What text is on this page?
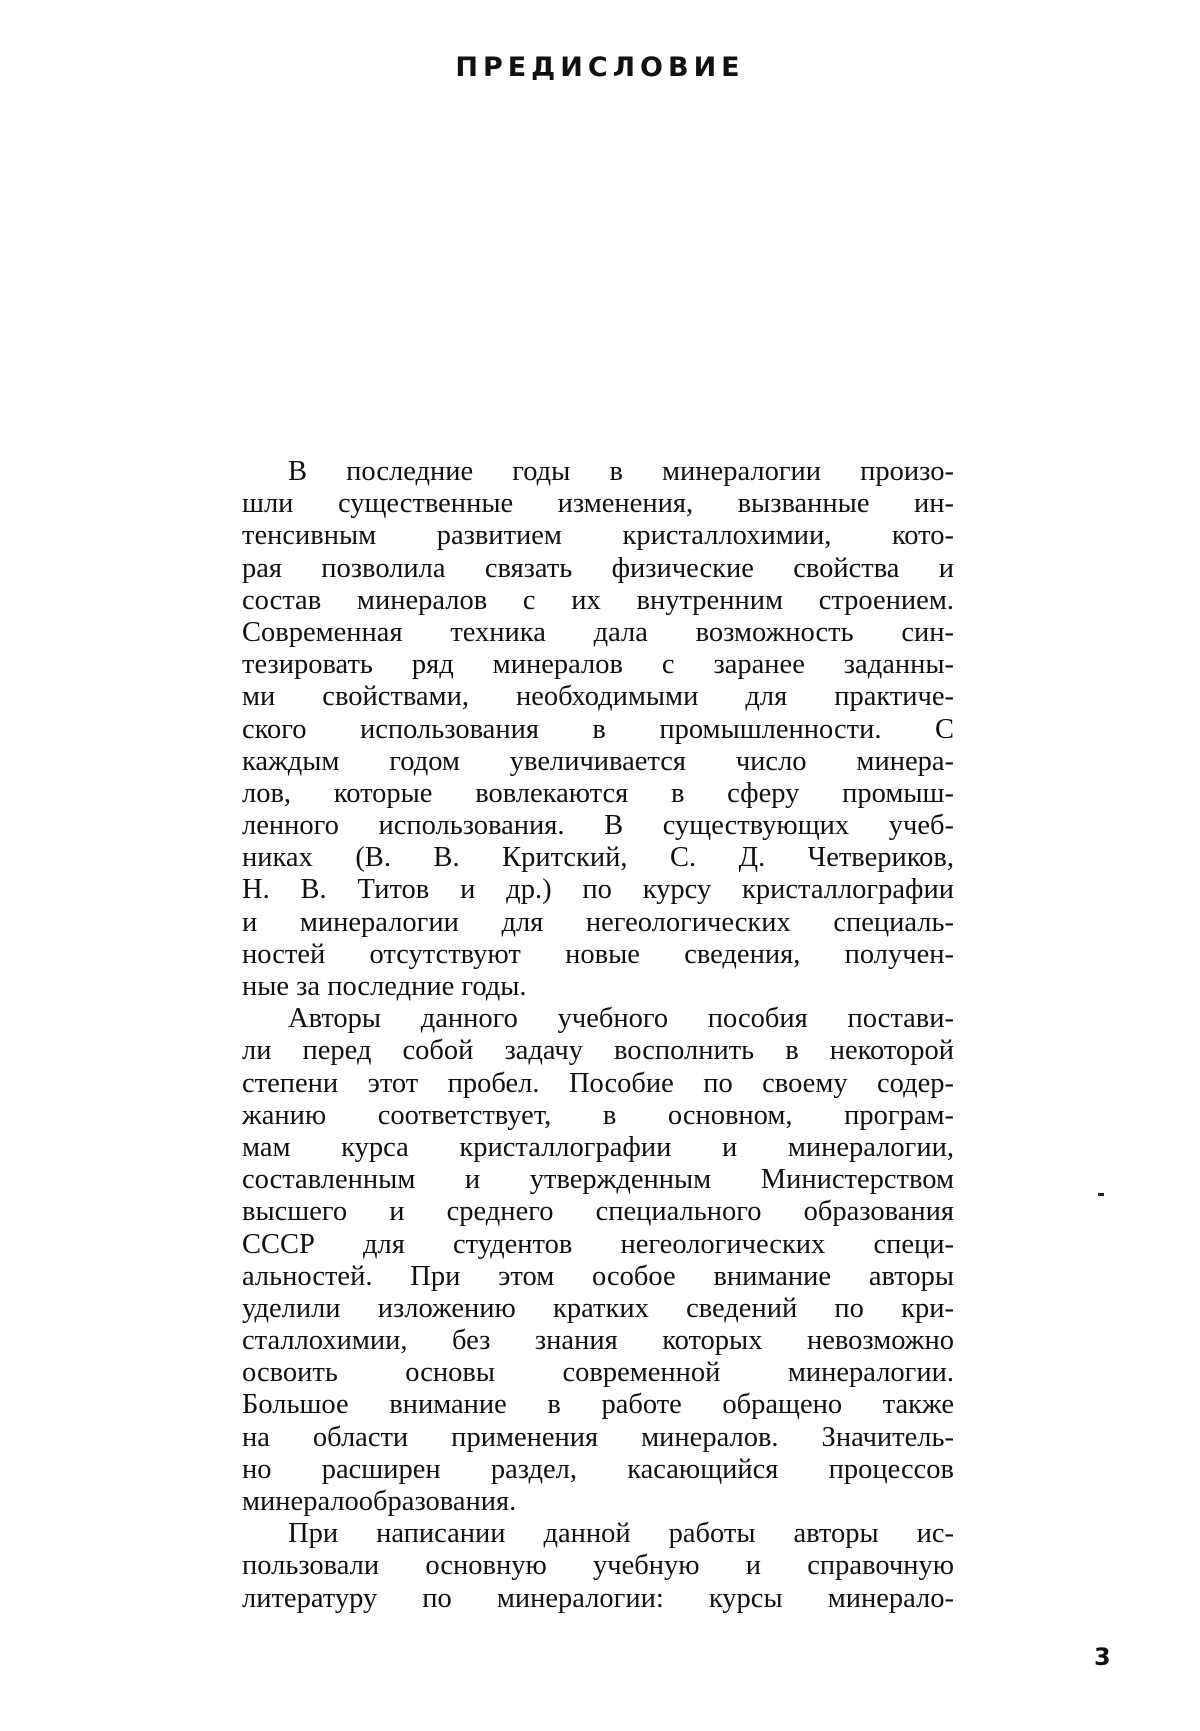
ПРЕДИСЛОВИЕ
В последние годы в минералогии произо-
шли существенные изменения, вызванные ин-
тенсивным развитием кристаллохимии, кото-
рая позволила связать физические свойства и
состав минералов с их внутренним строением.
Современная техника дала возможность син-
тезировать ряд минералов с заранее заданны-
ми свойствами, необходимыми для практиче-
ского использования в промышленности. С
каждым годом увеличивается число минера-
лов, которые вовлекаются в сферу промыш-
ленного использования. В существующих учеб-
никах (В. В. Критский, С. Д. Четвериков,
Н. В. Титов и др.) по курсу кристаллографии
и минералогии для негеологических специаль-
ностей отсутствуют новые сведения, получен-
ные за последние годы.
Авторы данного учебного пособия постави-
ли перед собой задачу восполнить в некоторой
степени этот пробел. Пособие по своему содер-
жанию соответствует, в основном, програм-
мам курса кристаллографии и минералогии,
составленным и утвержденным Министерством
высшего и среднего специального образования
СССР для студентов негеологических специ-
альностей. При этом особое внимание авторы
уделили изложению кратких сведений по кри-
сталлохимии, без знания которых невозможно
освоить основы современной минералогии.
Большое внимание в работе обращено также
на области применения минералов. Значитель-
но расширен раздел, касающийся процессов
минералообразования.
При написании данной работы авторы ис-
пользовали основную учебную и справочную
литературу по минералогии: курсы минерало-
3
